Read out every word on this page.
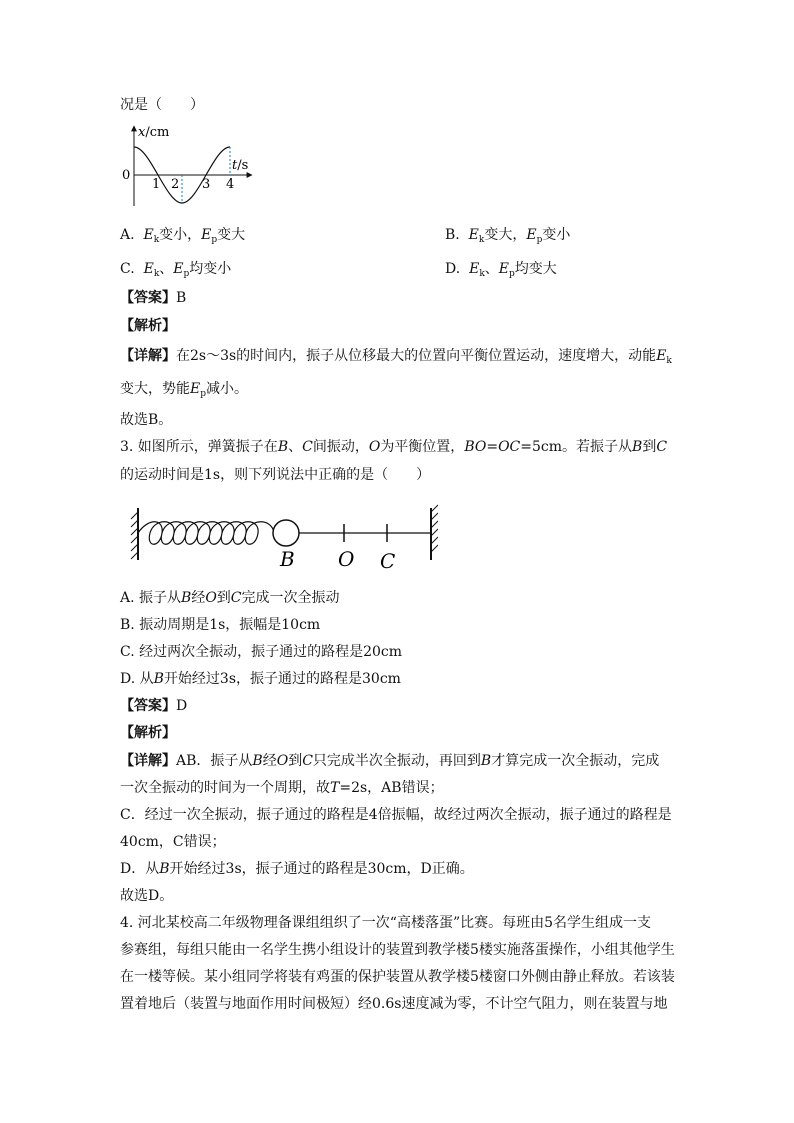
况是（　　）
x/cm
t/s
0
1 2 3 4
A. $E_k$变小，$E_p$变大	B. $E_k$变大，$E_p$变小
C. $E_k$、$E_p$均变小	D. $E_k$、$E_p$均变大
【答案】B
【解析】
【详解】在2s～3s的时间内，振子从位移最大的位置向平衡位置运动，速度增大，动能$E_k$
变大，势能$E_p$减小。
故选B。
3. 如图所示，弹簧振子在B、C间振动，O为平衡位置，BO=OC=5cm。若振子从B到C
的运动时间是1s，则下列说法中正确的是（　　）
B O C
A. 振子从B经O到C完成一次全振动
B. 振动周期是1s，振幅是10cm
C. 经过两次全振动，振子通过的路程是20cm
D. 从B开始经过3s，振子通过的路程是30cm
【答案】D
【解析】
【详解】AB．振子从B经O到C只完成半次全振动，再回到B才算完成一次全振动，完成
一次全振动的时间为一个周期，故T=2s，AB错误；
C．经过一次全振动，振子通过的路程是4倍振幅，故经过两次全振动，振子通过的路程是
40cm，C错误；
D．从B开始经过3s，振子通过的路程是30cm，D正确。
故选D。
4. 河北某校高二年级物理备课组组织了一次“高楼落蛋”比赛。每班由5名学生组成一支
参赛组，每组只能由一名学生携小组设计的装置到教学楼5楼实施落蛋操作，小组其他学生
在一楼等候。某小组同学将装有鸡蛋的保护装置从教学楼5楼窗口外侧由静止释放。若该装
置着地后（装置与地面作用时间极短）经0.6s速度减为零，不计空气阻力，则在装置与地
